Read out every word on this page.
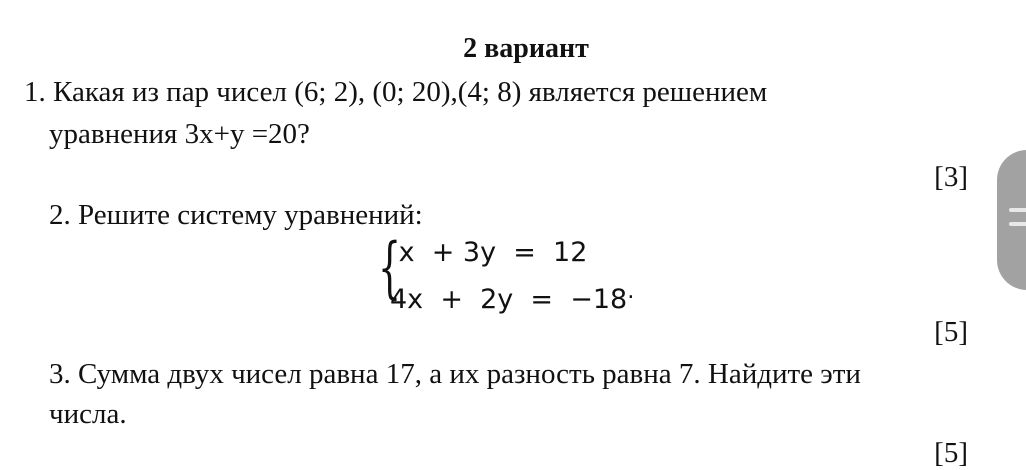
2 вариант
1. Какая из пар чисел (6; 2), (0; 20),(4; 8) является решением
уравнения 3х+у =20?
[3]
2. Решите систему уравнений:
{
x  + 3y  =  12
4x  +  2y  =  −18.
[5]
3. Сумма двух чисел равна 17, а их разность равна 7. Найдите эти
числа.
[5]
